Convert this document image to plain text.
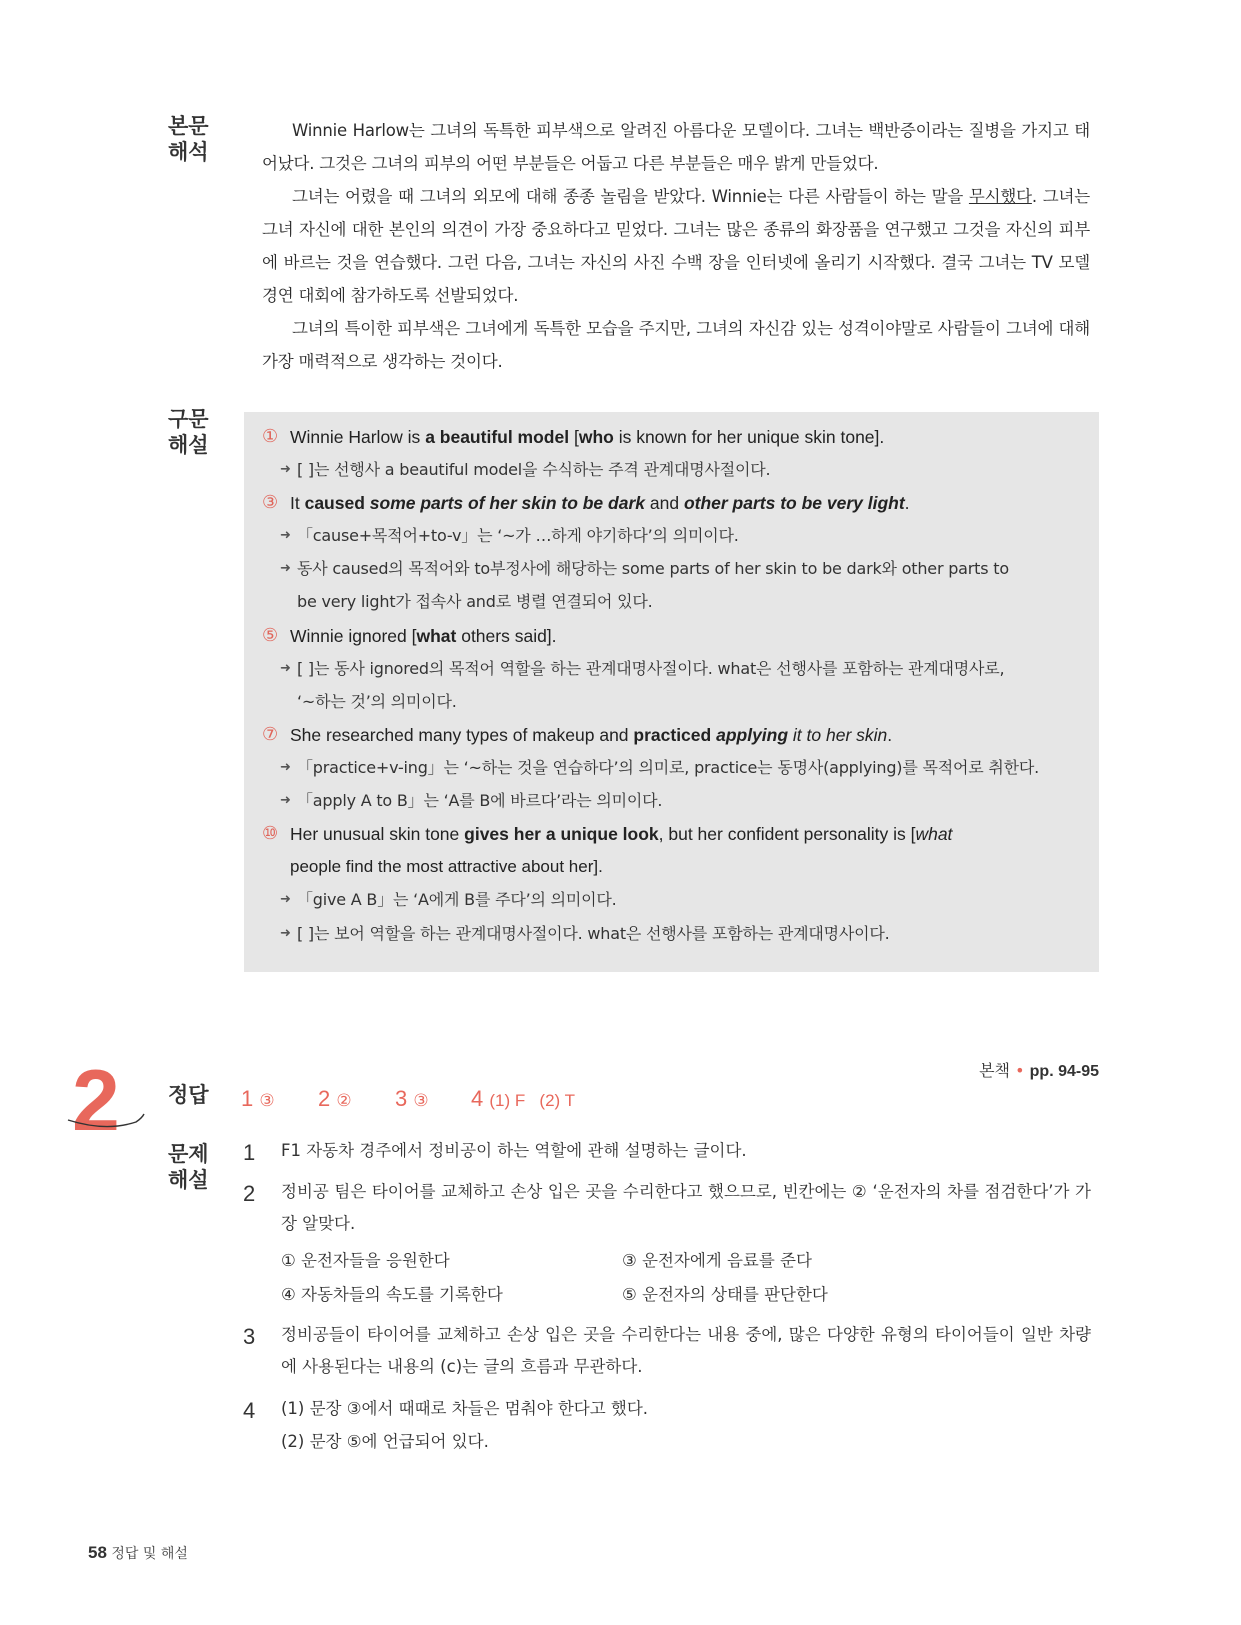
본문
해석

Winnie Harlow는 그녀의 독특한 피부색으로 알려진 아름다운 모델이다. 그녀는 백반증이라는 질병을 가지고 태어났다. 그것은 그녀의 피부의 어떤 부분들은 어둡고 다른 부분들은 매우 밝게 만들었다.

그녀는 어렸을 때 그녀의 외모에 대해 종종 놀림을 받았다. Winnie는 다른 사람들이 하는 말을 무시했다. 그녀는 그녀 자신에 대한 본인의 의견이 가장 중요하다고 믿었다. 그녀는 많은 종류의 화장품을 연구했고 그것을 자신의 피부에 바르는 것을 연습했다. 그런 다음, 그녀는 자신의 사진 수백 장을 인터넷에 올리기 시작했다. 결국 그녀는 TV 모델 경연 대회에 참가하도록 선발되었다.

그녀의 특이한 피부색은 그녀에게 독특한 모습을 주지만, 그녀의 자신감 있는 성격이야말로 사람들이 그녀에 대해 가장 매력적으로 생각하는 것이다.

구문
해설	① Winnie Harlow is a beautiful model [who is known for her unique skin tone].
➜ [ ]는 선행사 a beautiful model을 수식하는 주격 관계대명사절이다.
③ It caused some parts of her skin to be dark and other parts to be very light.
➜ 「cause+목적어+to-v」는 ‘~가 …하게 야기하다’의 의미이다.
➜ 동사 caused의 목적어와 to부정사에 해당하는 some parts of her skin to be dark와 other parts to
be very light가 접속사 and로 병렬 연결되어 있다.
⑤ Winnie ignored [what others said].
➜ [ ]는 동사 ignored의 목적어 역할을 하는 관계대명사절이다. what은 선행사를 포함하는 관계대명사로,
‘~하는 것’의 의미이다.
⑦ She researched many types of makeup and practiced applying it to her skin.
➜ 「practice+v-ing」는 ‘~하는 것을 연습하다’의 의미로, practice는 동명사(applying)를 목적어로 취한다.
➜ 「apply A to B」는 ‘A를 B에 바르다’라는 의미이다.
⑩ Her unusual skin tone gives her a unique look, but her confident personality is [what
people find the most attractive about her].
➜ 「give A B」는 ‘A에게 B를 주다’의 의미이다.
➜ [ ]는 보어 역할을 하는 관계대명사절이다. what은 선행사를 포함하는 관계대명사이다.
2	본책 • pp. 94-95
정답	1 ③ 2 ② 3 ③ 4 (1) F   (2) T
문제
해설
1 F1 자동차 경주에서 정비공이 하는 역할에 관해 설명하는 글이다.
2 정비공 팀은 타이어를 교체하고 손상 입은 곳을 수리한다고 했으므로, 빈칸에는 ② ‘운전자의 차를 점검한다’가 가장 알맞다.
① 운전자들을 응원한다	③ 운전자에게 음료를 준다
④ 자동차들의 속도를 기록한다	⑤ 운전자의 상태를 판단한다
3 정비공들이 타이어를 교체하고 손상 입은 곳을 수리한다는 내용 중에, 많은 다양한 유형의 타이어들이 일반 차량에 사용된다는 내용의 (c)는 글의 흐름과 무관하다.
4 (1) 문장 ③에서 때때로 차들은 멈춰야 한다고 했다.
(2) 문장 ⑤에 언급되어 있다.
58 정답 및 해설
